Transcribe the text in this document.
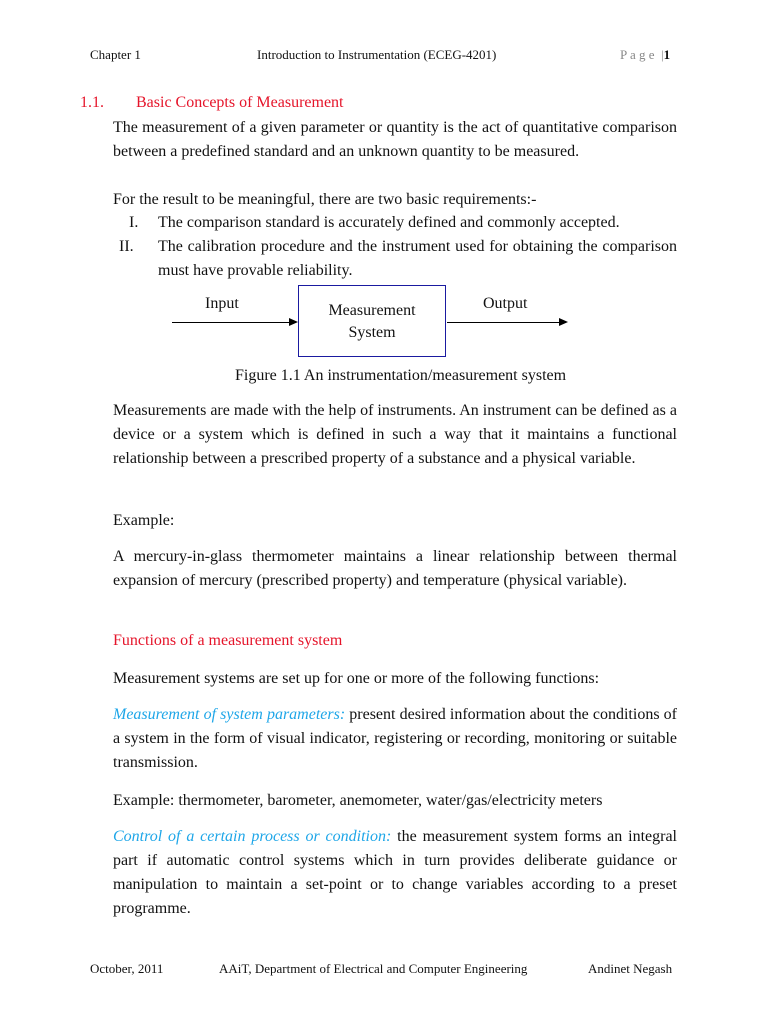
Chapter 1	Introduction to Instrumentation (ECEG-4201)	P a g e  |1
1.1. Basic Concepts of Measurement
The measurement of a given parameter or quantity is the act of quantitative comparison between a predefined standard and an unknown quantity to be measured.
For the result to be meaningful, there are two basic requirements:-
I. The comparison standard is accurately defined and commonly accepted.
II. The calibration procedure and the instrument used for obtaining the comparison must have provable reliability.
Input	Measurement
System
Output
Figure 1.1 An instrumentation/measurement system
Measurements are made with the help of instruments. An instrument can be defined as a device or a system which is defined in such a way that it maintains a functional relationship between a prescribed property of a substance and a physical variable.
Example:
A mercury-in-glass thermometer maintains a linear relationship between thermal expansion of mercury (prescribed property) and temperature (physical variable).
Functions of a measurement system
Measurement systems are set up for one or more of the following functions:
Measurement of system parameters: present desired information about the conditions of a system in the form of visual indicator, registering or recording, monitoring or suitable transmission.
Example: thermometer, barometer, anemometer, water/gas/electricity meters
Control of a certain process or condition: the measurement system forms an integral part if automatic control systems which in turn provides deliberate guidance or manipulation to maintain a set-point or to change variables according to a preset programme.
October, 2011	AAiT, Department of Electrical and Computer Engineering	Andinet Negash
